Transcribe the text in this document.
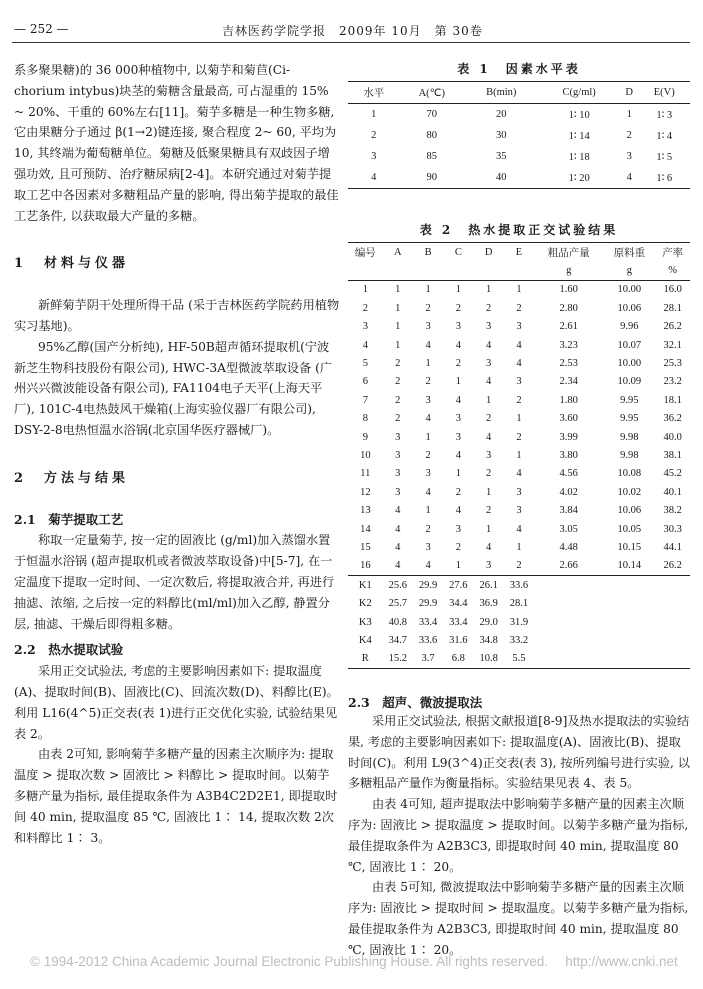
— 252 —	吉林医药学院学报　2009年 10月　第 30卷

系多聚果糖)的 36 000种植物中, 以菊芋和菊苣(Ci-chorium intybus)块茎的菊糖含量最高, 可占湿重的 15% ~ 20%、干重的 60%左右[11]。菊芋多糖是一种生物多糖, 它由果糖分子通过 β(1→2)键连接, 聚合程度 2~ 60, 平均为 10, 其终端为葡萄糖单位。菊糖及低聚果糖具有双歧因子增强功效, 且可预防、治疗糖尿病[2-4]。本研究通过对菊芋提取工艺中各因素对多糖粗品产量的影响, 得出菊芋提取的最佳工艺条件, 以获取最大产量的多糖。

1　材料与仪器

新鲜菊芋阴干处理所得干品 (采于吉林医药学院药用植物实习基地)。

95%乙醇(国产分析纯), HF-50B超声循环提取机(宁波新芝生物科技股份有限公司), HWC-3A型微波萃取设备 (广州兴兴微波能设备有限公司), FA1104电子天平(上海天平厂), 101C-4电热鼓风干燥箱(上海实验仪器厂有限公司), DSY-2-8电热恒温水浴锅(北京国华医疗器械厂)。

2　方法与结果
2.1　菊芋提取工艺

称取一定量菊芋, 按一定的固液比 (g/ml)加入蒸馏水置于恒温水浴锅 (超声提取机或者微波萃取设备)中[5-7], 在一定温度下提取一定时间、一定次数后, 将提取液合并, 再进行抽滤、浓缩, 之后按一定的料醇比(ml/ml)加入乙醇, 静置分层, 抽滤、干燥后即得粗多糖。

2.2　热水提取试验

采用正交试验法, 考虑的主要影响因素如下: 提取温度(A)、提取时间(B)、固液比(C)、回流次数(D)、料醇比(E)。利用 L16(4^5)正交表(表 1)进行正交优化实验, 试验结果见表 2。

由表 2可知, 影响菊芋多糖产量的因素主次顺序为: 提取温度 > 提取次数 > 固液比 > 料醇比 > 提取时间。以菊芋多糖产量为指标, 最佳提取条件为 A3B4C2D2E1, 即提取时间 40 min, 提取温度 85 ℃, 固液比 1∶ 14, 提取次数 2次和料醇比 1∶ 3。

表 1　因素水平表

水平	A(℃)	B(min)	C(g/ml)	D	E(V)
1	70	20	1∶ 10	1	1∶ 3
2	80	30	1∶ 14	2	1∶ 4
3	85	35	1∶ 18	3	1∶ 5
4	90	40	1∶ 20	4	1∶ 6

表 2　热水提取正交试验结果

编号	A	B	C	D	E	粗品产量	原料重	产率
						g	g	%
1	1	1	1	1	1	1.60	10.00	16.0
2	1	2	2	2	2	2.80	10.06	28.1
3	1	3	3	3	3	2.61	9.96	26.2
4	1	4	4	4	4	3.23	10.07	32.1
5	2	1	2	3	4	2.53	10.00	25.3
6	2	2	1	4	3	2.34	10.09	23.2
7	2	3	4	1	2	1.80	9.95	18.1
8	2	4	3	2	1	3.60	9.95	36.2
9	3	1	3	4	2	3.99	9.98	40.0
10	3	2	4	3	1	3.80	9.98	38.1
11	3	3	1	2	4	4.56	10.08	45.2
12	3	4	2	1	3	4.02	10.02	40.1
13	4	1	4	2	3	3.84	10.06	38.2
14	4	2	3	1	4	3.05	10.05	30.3
15	4	3	2	4	1	4.48	10.15	44.1
16	4	4	1	3	2	2.66	10.14	26.2
K1	25.6	29.9	27.6	26.1	33.6			
K2	25.7	29.9	34.4	36.9	28.1			
K3	40.8	33.4	33.4	29.0	31.9			
K4	34.7	33.6	31.6	34.8	33.2			
R	15.2	3.7	6.8	10.8	5.5			

2.3　超声、微波提取法

采用正交试验法, 根据文献报道[8-9]及热水提取法的实验结果, 考虑的主要影响因素如下: 提取温度(A)、固液比(B)、提取时间(C)。利用 L9(3^4)正交表(表 3), 按所列编号进行实验, 以多糖粗品产量作为衡量指标。实验结果见表 4、表 5。

由表 4可知, 超声提取法中影响菊芋多糖产量的因素主次顺序为: 固液比 > 提取温度 > 提取时间。以菊芋多糖产量为指标, 最佳提取条件为 A2B3C3, 即提取时间 40 min, 提取温度 80 ℃, 固液比 1∶ 20。

由表 5可知, 微波提取法中影响菊芋多糖产量的因素主次顺序为: 固液比 > 提取时间 > 提取温度。以菊芋多糖产量为指标, 最佳提取条件为 A2B3C3, 即提取时间 40 min, 提取温度 80 ℃, 固液比 1∶ 20。

© 1994-2012 China Academic Journal Electronic Publishing House. All rights reserved.　 http://www.cnki.net
